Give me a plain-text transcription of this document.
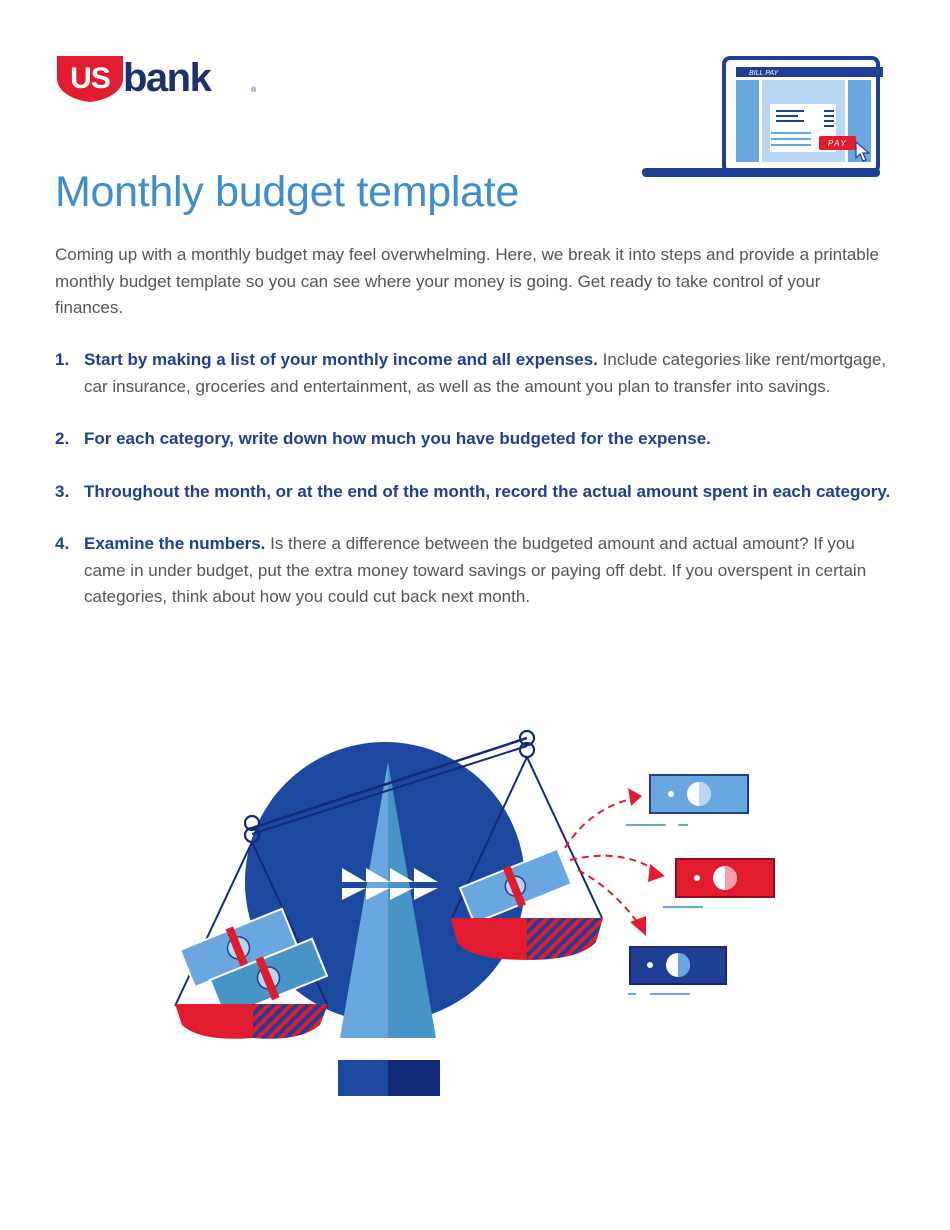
US bank	®
BILL PAY
PAY
Monthly budget template

Coming up with a monthly budget may feel overwhelming. Here, we break it into steps and provide a printable monthly budget template so you can see where your money is going. Get ready to take control of your finances.

1. Start by making a list of your monthly income and all expenses. Include categories like rent/mortgage, car insurance, groceries and entertainment, as well as the amount you plan to transfer into savings.
2. For each category, write down how much you have budgeted for the expense.
3. Throughout the month, or at the end of the month, record the actual amount spent in each category.
4. Examine the numbers. Is there a difference between the budgeted amount and actual amount? If you came in under budget, put the extra money toward savings or paying off debt. If you overspent in certain categories, think about how you could cut back next month.
